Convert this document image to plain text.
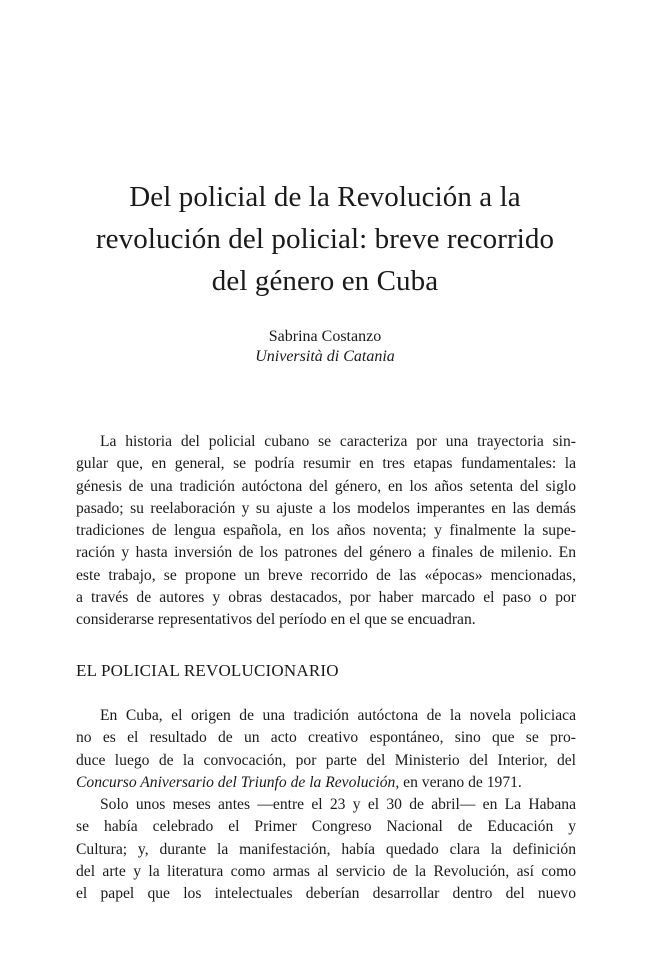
Del policial de la Revolución a la
revolución del policial: breve recorrido
del género en Cuba
Sabrina Costanzo
Università di Catania
La historia del policial cubano se caracteriza por una trayectoria sin-
gular que, en general, se podría resumir en tres etapas fundamentales: la
génesis de una tradición autóctona del género, en los años setenta del siglo
pasado; su reelaboración y su ajuste a los modelos imperantes en las demás
tradiciones de lengua española, en los años noventa; y finalmente la supe-
ración y hasta inversión de los patrones del género a finales de milenio. En
este trabajo, se propone un breve recorrido de las «épocas» mencionadas,
a través de autores y obras destacados, por haber marcado el paso o por
considerarse representativos del período en el que se encuadran.
EL POLICIAL REVOLUCIONARIO
En Cuba, el origen de una tradición autóctona de la novela policiaca
no es el resultado de un acto creativo espontáneo, sino que se pro-
duce luego de la convocación, por parte del Ministerio del Interior, del
Concurso Aniversario del Triunfo de la Revolución, en verano de 1971.
Solo unos meses antes —entre el 23 y el 30 de abril— en La Habana
se había celebrado el Primer Congreso Nacional de Educación y
Cultura; y, durante la manifestación, había quedado clara la definición
del arte y la literatura como armas al servicio de la Revolución, así como
el papel que los intelectuales deberían desarrollar dentro del nuevo
